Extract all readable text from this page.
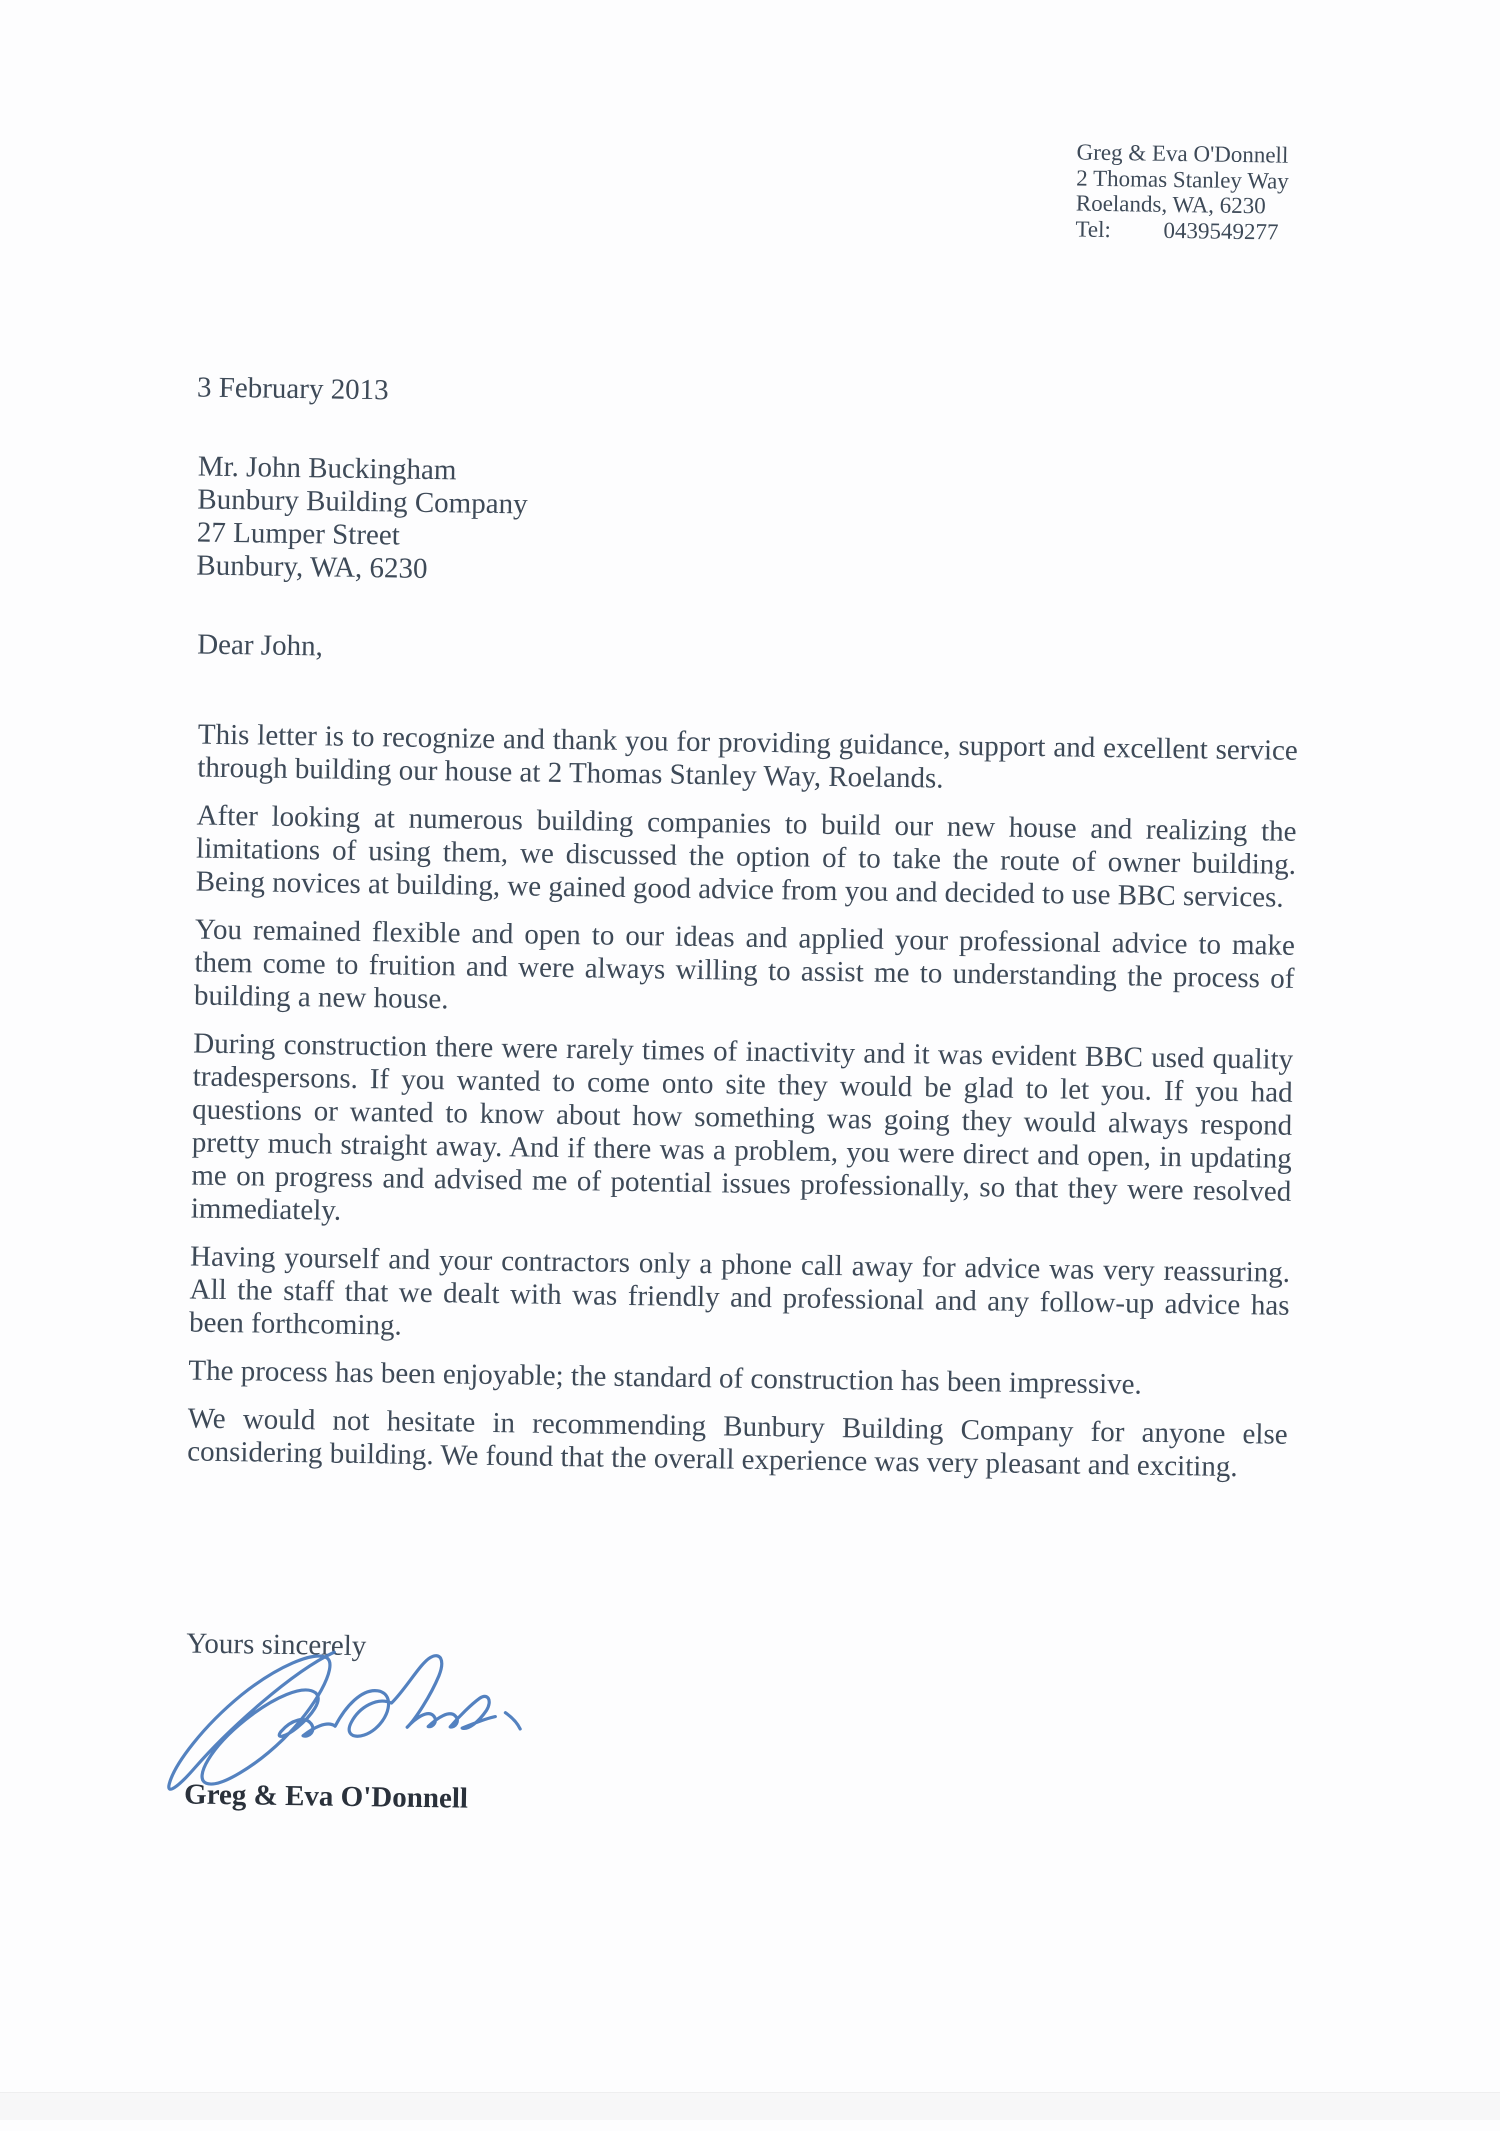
Greg & Eva O'Donnell
2 Thomas Stanley Way
Roelands, WA, 6230
Tel: 0439549277
3 February 2013
Mr. John Buckingham
Bunbury Building Company
27 Lumper Street
Bunbury, WA, 6230
Dear John,

This letter is to recognize and thank you for providing guidance, support and excellent service through building our house at 2 Thomas Stanley Way, Roelands.

After looking at numerous building companies to build our new house and realizing the limitations of using them, we discussed the option of to take the route of owner building. Being novices at building, we gained good advice from you and decided to use BBC services.

You remained flexible and open to our ideas and applied your professional advice to make them come to fruition and were always willing to assist me to understanding the process of building a new house.

During construction there were rarely times of inactivity and it was evident BBC used quality tradespersons. If you wanted to come onto site they would be glad to let you. If you had questions or wanted to know about how something was going they would always respond pretty much straight away. And if there was a problem, you were direct and open, in updating me on progress and advised me of potential issues professionally, so that they were resolved immediately.

Having yourself and your contractors only a phone call away for advice was very reassuring. All the staff that we dealt with was friendly and professional and any follow-up advice has been forthcoming.

The process has been enjoyable; the standard of construction has been impressive.

We would not hesitate in recommending Bunbury Building Company for anyone else considering building. We found that the overall experience was very pleasant and exciting.

Yours sincerely
Greg & Eva O'Donnell
